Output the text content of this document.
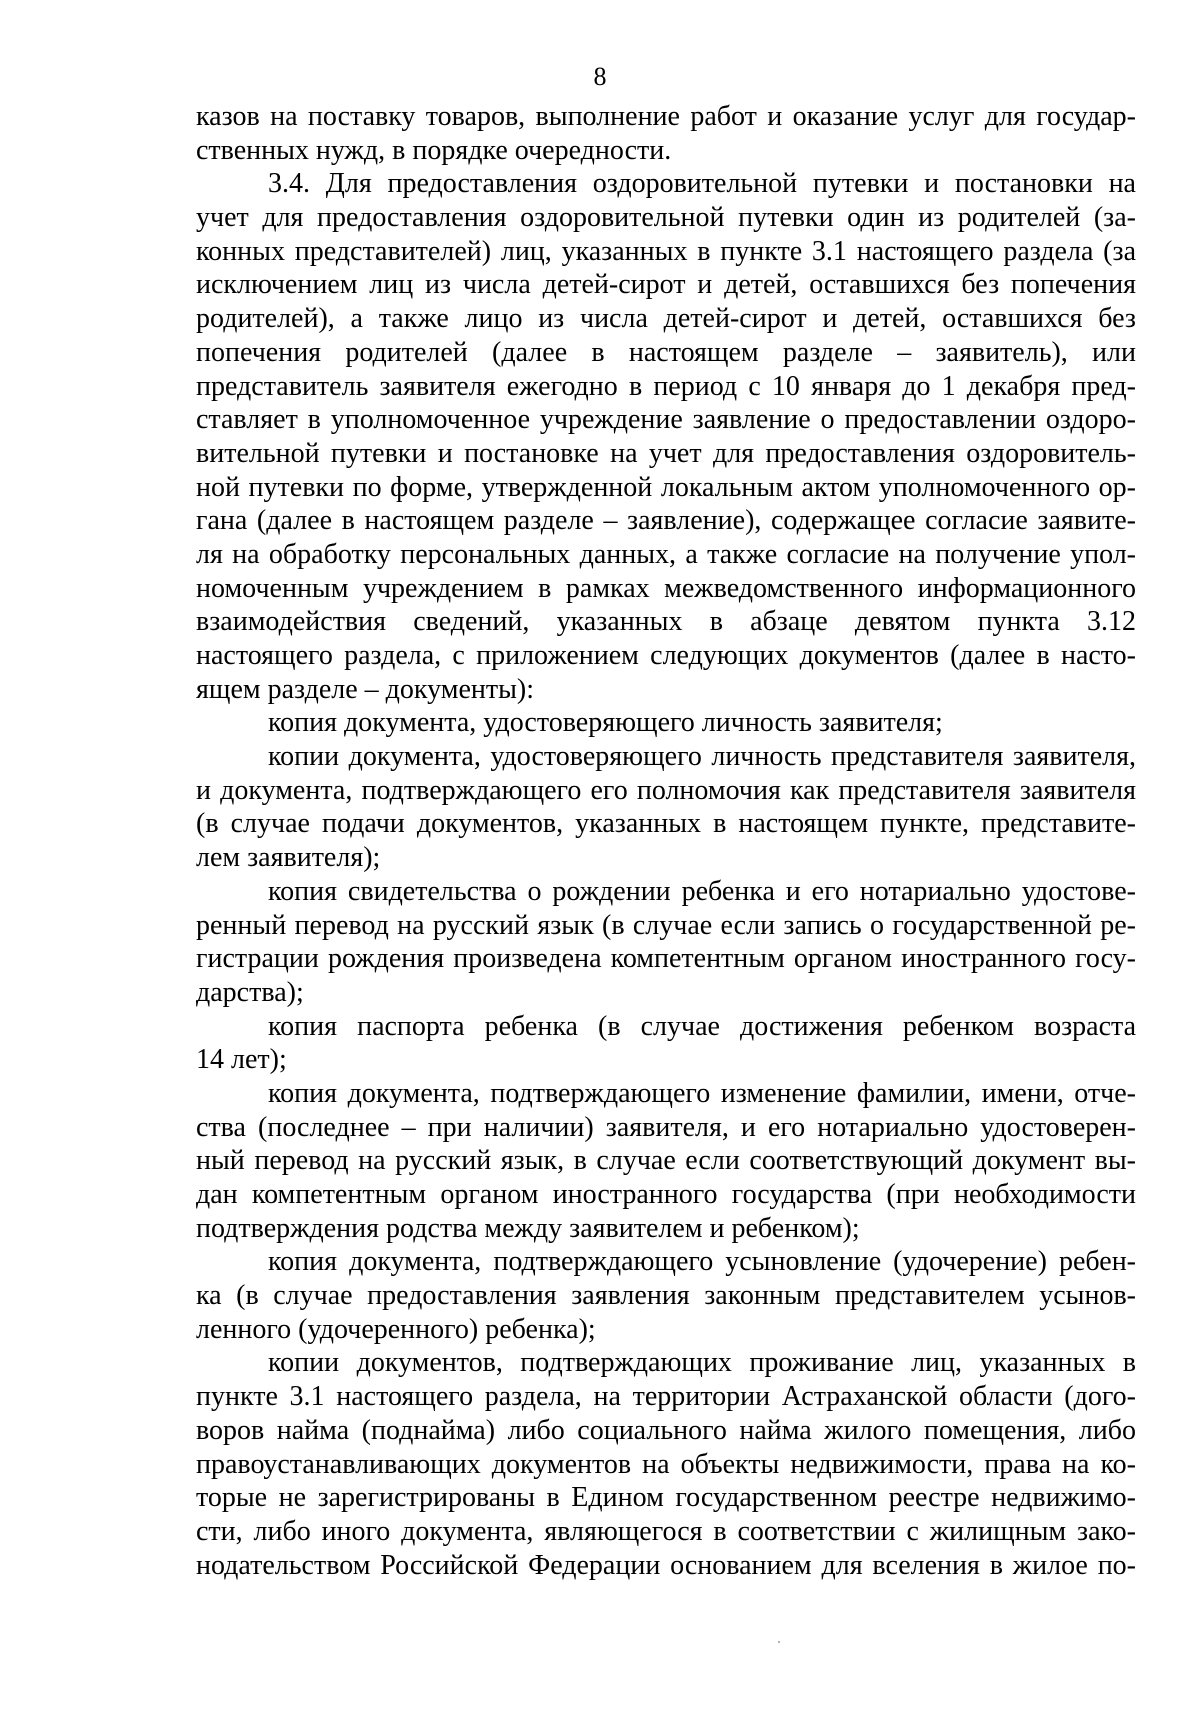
8
казов на поставку товаров, выполнение работ и оказание услуг для государ-
ственных нужд, в порядке очередности.
3.4. Для предоставления оздоровительной путевки и постановки на
учет для предоставления оздоровительной путевки один из родителей (за-
конных представителей) лиц, указанных в пункте 3.1 настоящего раздела (за
исключением лиц из числа детей-сирот и детей, оставшихся без попечения
родителей), а также лицо из числа детей-сирот и детей, оставшихся без
попечения родителей (далее в настоящем разделе – заявитель), или
представитель заявителя ежегодно в период с 10 января до 1 декабря пред-
ставляет в уполномоченное учреждение заявление о предоставлении оздоро-
вительной путевки и постановке на учет для предоставления оздоровитель-
ной путевки по форме, утвержденной локальным актом уполномоченного ор-
гана (далее в настоящем разделе – заявление), содержащее согласие заявите-
ля на обработку персональных данных, а также согласие на получение упол-
номоченным учреждением в рамках межведомственного информационного
взаимодействия сведений, указанных в абзаце девятом пункта 3.12
настоящего раздела, с приложением следующих документов (далее в насто-
ящем разделе – документы):
копия документа, удостоверяющего личность заявителя;
копии документа, удостоверяющего личность представителя заявителя,
и документа, подтверждающего его полномочия как представителя заявителя
(в случае подачи документов, указанных в настоящем пункте, представите-
лем заявителя);
копия свидетельства о рождении ребенка и его нотариально удостове-
ренный перевод на русский язык (в случае если запись о государственной ре-
гистрации рождения произведена компетентным органом иностранного госу-
дарства);
копия паспорта ребенка (в случае достижения ребенком возраста
14 лет);
копия документа, подтверждающего изменение фамилии, имени, отче-
ства (последнее – при наличии) заявителя, и его нотариально удостоверен-
ный перевод на русский язык, в случае если соответствующий документ вы-
дан компетентным органом иностранного государства (при необходимости
подтверждения родства между заявителем и ребенком);
копия документа, подтверждающего усыновление (удочерение) ребен-
ка (в случае предоставления заявления законным представителем усынов-
ленного (удочеренного) ребенка);
копии документов, подтверждающих проживание лиц, указанных в
пункте 3.1 настоящего раздела, на территории Астраханской области (дого-
воров найма (поднайма) либо социального найма жилого помещения, либо
правоустанавливающих документов на объекты недвижимости, права на ко-
торые не зарегистрированы в Едином государственном реестре недвижимо-
сти, либо иного документа, являющегося в соответствии с жилищным зако-
нодательством Российской Федерации основанием для вселения в жилое по-
